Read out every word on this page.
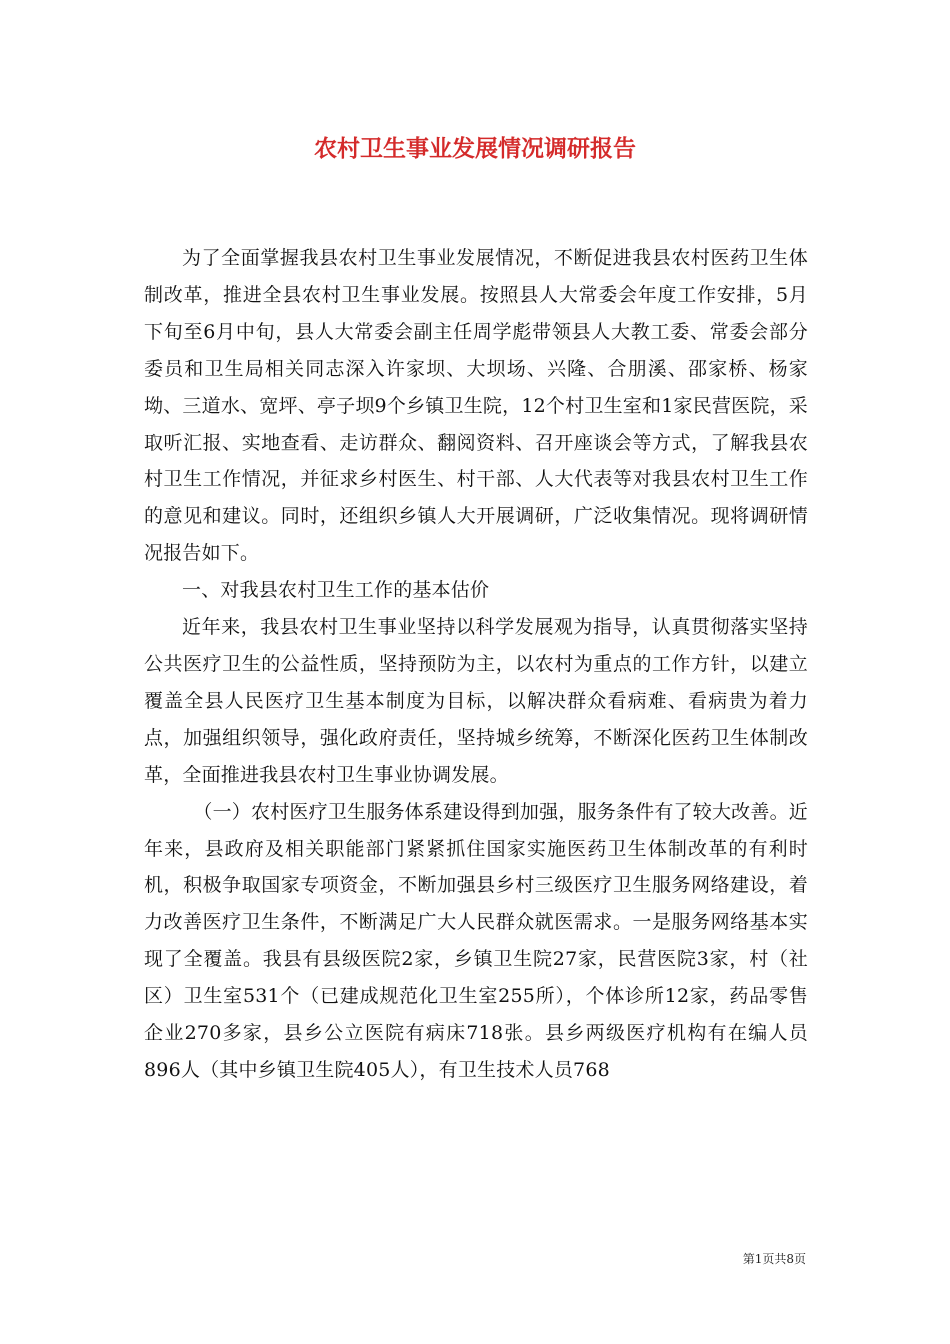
农村卫生事业发展情况调研报告

为了全面掌握我县农村卫生事业发展情况，不断促进我县农村医药卫生体制改革，推进全县农村卫生事业发展。按照县人大常委会年度工作安排，5月下旬至6月中旬，县人大常委会副主任周学彪带领县人大教工委、常委会部分委员和卫生局相关同志深入许家坝、大坝场、兴隆、合朋溪、邵家桥、杨家坳、三道水、宽坪、亭子坝9个乡镇卫生院，12个村卫生室和1家民营医院，采取听汇报、实地查看、走访群众、翻阅资料、召开座谈会等方式，了解我县农村卫生工作情况，并征求乡村医生、村干部、人大代表等对我县农村卫生工作的意见和建议。同时，还组织乡镇人大开展调研，广泛收集情况。现将调研情况报告如下。

一、对我县农村卫生工作的基本估价

近年来，我县农村卫生事业坚持以科学发展观为指导，认真贯彻落实坚持公共医疗卫生的公益性质，坚持预防为主，以农村为重点的工作方针，以建立覆盖全县人民医疗卫生基本制度为目标，以解决群众看病难、看病贵为着力点，加强组织领导，强化政府责任，坚持城乡统筹，不断深化医药卫生体制改革，全面推进我县农村卫生事业协调发展。

（一）农村医疗卫生服务体系建设得到加强，服务条件有了较大改善。近年来，县政府及相关职能部门紧紧抓住国家实施医药卫生体制改革的有利时机，积极争取国家专项资金，不断加强县乡村三级医疗卫生服务网络建设，着力改善医疗卫生条件，不断满足广大人民群众就医需求。一是服务网络基本实现了全覆盖。我县有县级医院2家，乡镇卫生院27家，民营医院3家，村（社区）卫生室531个（已建成规范化卫生室255所），个体诊所12家，药品零售企业270多家，县乡公立医院有病床718张。县乡两级医疗机构有在编人员896人（其中乡镇卫生院405人），有卫生技术人员768

第1页共8页
